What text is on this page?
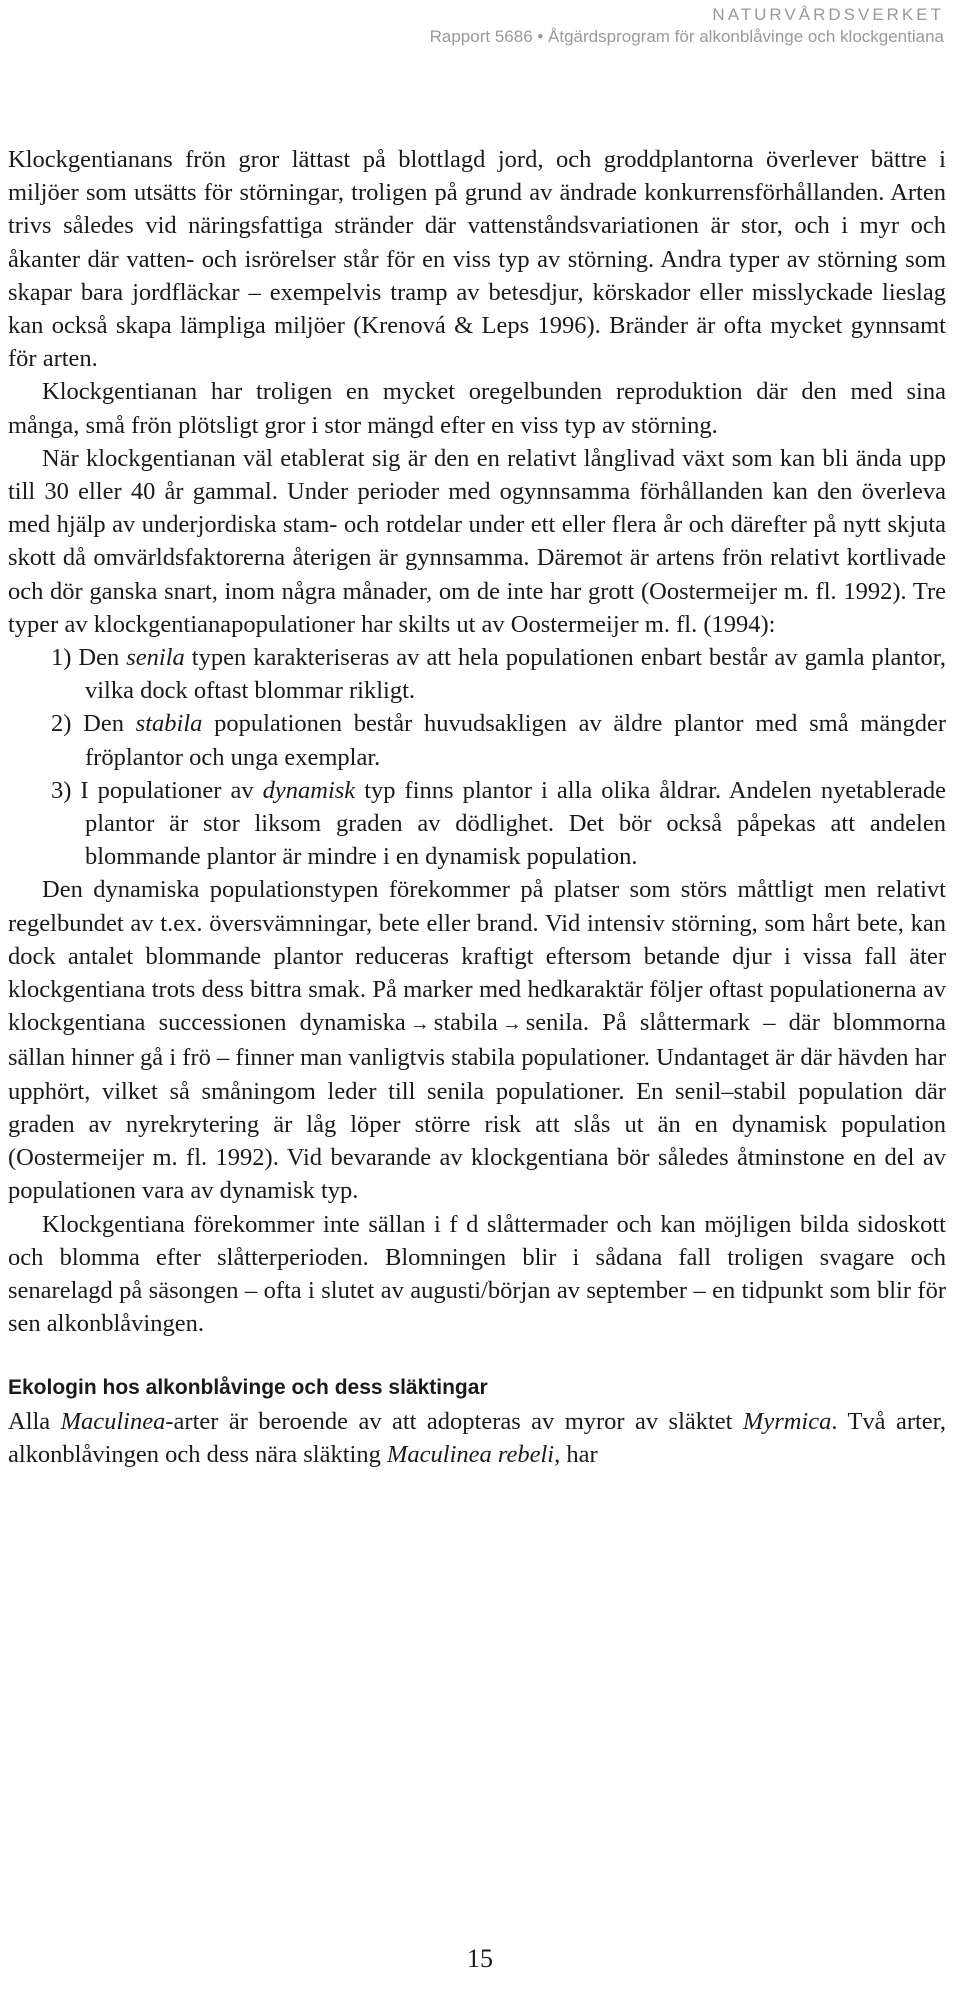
NATURVÅRDSVERKET
Rapport 5686 • Åtgärdsprogram för alkonblåvinge och klockgentiana

Klockgentianans frön gror lättast på blottlagd jord, och groddplantorna överlever bättre i miljöer som utsätts för störningar, troligen på grund av ändrade konkurrensförhållanden. Arten trivs således vid näringsfattiga stränder där vattenståndsvariationen är stor, och i myr och åkanter där vatten- och isrörelser står för en viss typ av störning. Andra typer av störning som skapar bara jordfläckar – exempelvis tramp av betesdjur, körskador eller misslyckade lieslag kan också skapa lämpliga miljöer (Krenová & Leps 1996). Bränder är ofta mycket gynnsamt för arten.

Klockgentianan har troligen en mycket oregelbunden reproduktion där den med sina många, små frön plötsligt gror i stor mängd efter en viss typ av störning.

När klockgentianan väl etablerat sig är den en relativt långlivad växt som kan bli ända upp till 30 eller 40 år gammal. Under perioder med ogynnsamma förhållanden kan den överleva med hjälp av underjordiska stam- och rotdelar under ett eller flera år och därefter på nytt skjuta skott då omvärldsfaktorerna återigen är gynnsamma. Däremot är artens frön relativt kortlivade och dör ganska snart, inom några månader, om de inte har grott (Oostermeijer m. fl. 1992). Tre typer av klockgentianapopulationer har skilts ut av Oostermeijer m. fl. (1994):

1) Den senila typen karakteriseras av att hela populationen enbart består av gamla plantor, vilka dock oftast blommar rikligt.

2) Den stabila populationen består huvudsakligen av äldre plantor med små mängder fröplantor och unga exemplar.

3) I populationer av dynamisk typ finns plantor i alla olika åldrar. Andelen nyetablerade plantor är stor liksom graden av dödlighet. Det bör också påpekas att andelen blommande plantor är mindre i en dynamisk population.

Den dynamiska populationstypen förekommer på platser som störs måttligt men relativt regelbundet av t.ex. översvämningar, bete eller brand. Vid intensiv störning, som hårt bete, kan dock antalet blommande plantor reduceras kraftigt eftersom betande djur i vissa fall äter klockgentiana trots dess bittra smak. På marker med hedkaraktär följer oftast populationerna av klockgentiana successionen dynamiska → stabila → senila. På slåttermark – där blommorna sällan hinner gå i frö – finner man vanligtvis stabila populationer. Undantaget är där hävden har upphört, vilket så småningom leder till senila populationer. En senil–stabil population där graden av nyrekrytering är låg löper större risk att slås ut än en dynamisk population (Oostermeijer m. fl. 1992). Vid bevarande av klockgentiana bör således åtminstone en del av populationen vara av dynamisk typ.

Klockgentiana förekommer inte sällan i f d slåttermader och kan möjligen bilda sidoskott och blomma efter slåtterperioden. Blomningen blir i sådana fall troligen svagare och senarelagd på säsongen – ofta i slutet av augusti/början av september – en tidpunkt som blir för sen alkonblåvingen.

Ekologin hos alkonblåvinge och dess släktingar

Alla Maculinea-arter är beroende av att adopteras av myror av släktet Myrmica. Två arter, alkonblåvingen och dess nära släkting Maculinea rebeli, har

15
